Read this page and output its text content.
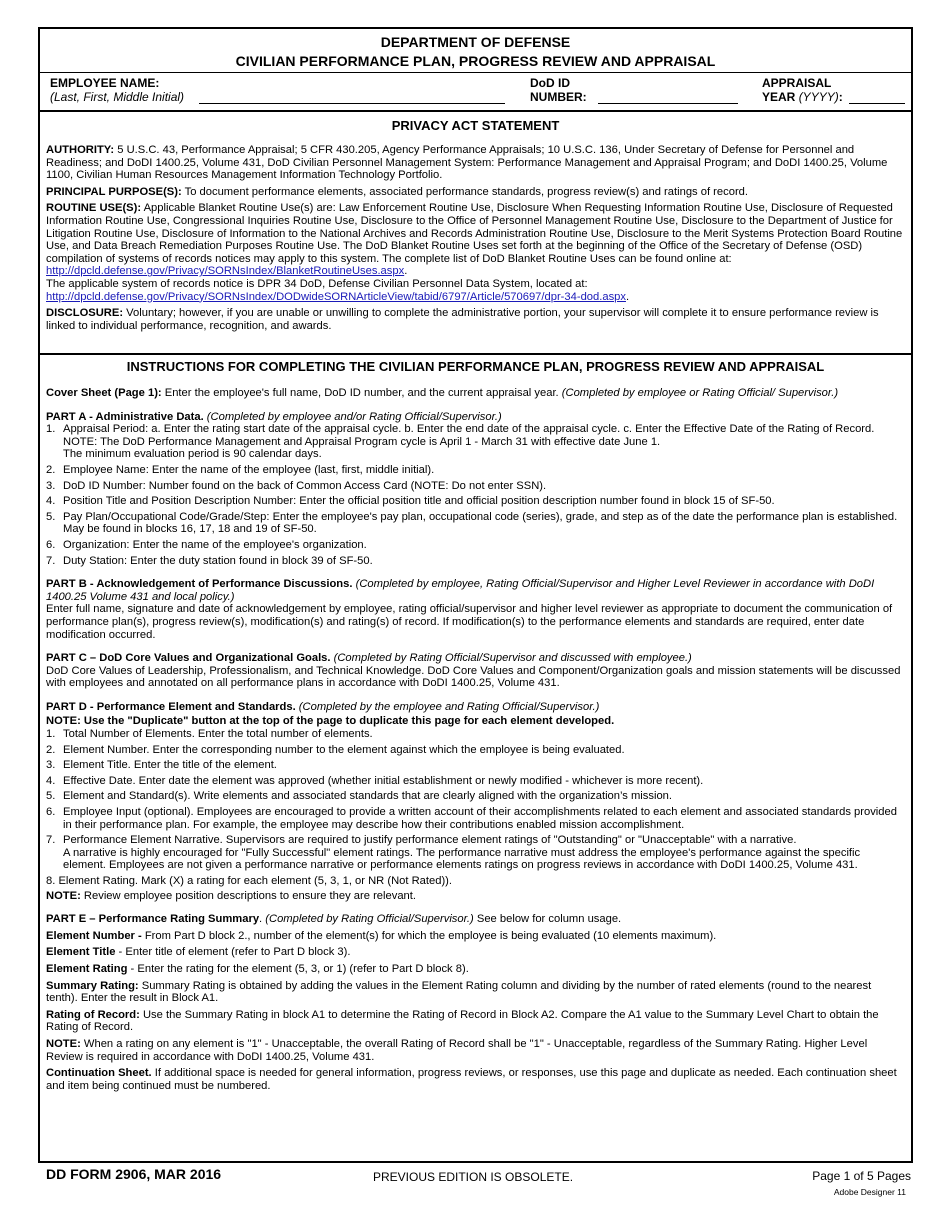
DEPARTMENT OF DEFENSE
CIVILIAN PERFORMANCE PLAN, PROGRESS REVIEW AND APPRAISAL
EMPLOYEE NAME:
(Last, First, Middle Initial)
DoD ID
NUMBER:
APPRAISAL
YEAR (YYYY):
PRIVACY ACT STATEMENT

AUTHORITY: 5 U.S.C. 43, Performance Appraisal; 5 CFR 430.205, Agency Performance Appraisals; 10 U.S.C. 136, Under Secretary of Defense for Personnel and Readiness; and DoDI 1400.25, Volume 431, DoD Civilian Personnel Management System: Performance Management and Appraisal Program; and DoDI 1400.25, Volume 1100, Civilian Human Resources Management Information Technology Portfolio.

PRINCIPAL PURPOSE(S): To document performance elements, associated performance standards, progress review(s) and ratings of record.

ROUTINE USE(S): Applicable Blanket Routine Use(s) are: Law Enforcement Routine Use, Disclosure When Requesting Information Routine Use, Disclosure of Requested Information Routine Use, Congressional Inquiries Routine Use, Disclosure to the Office of Personnel Management Routine Use, Disclosure to the Department of Justice for Litigation Routine Use, Disclosure of Information to the National Archives and Records Administration Routine Use, Disclosure to the Merit Systems Protection Board Routine Use, and Data Breach Remediation Purposes Routine Use. The DoD Blanket Routine Uses set forth at the beginning of the Office of the Secretary of Defense (OSD) compilation of systems of records notices may apply to this system. The complete list of DoD Blanket Routine Uses can be found online at:
http://dpcld.defense.gov/Privacy/SORNsIndex/BlanketRoutineUses.aspx.

The applicable system of records notice is DPR 34 DoD, Defense Civilian Personnel Data System, located at:
http://dpcld.defense.gov/Privacy/SORNsIndex/DODwideSORNArticleView/tabid/6797/Article/570697/dpr-34-dod.aspx.

DISCLOSURE: Voluntary; however, if you are unable or unwilling to complete the administrative portion, your supervisor will complete it to ensure performance review is linked to individual performance, recognition, and awards.

INSTRUCTIONS FOR COMPLETING THE CIVILIAN PERFORMANCE PLAN, PROGRESS REVIEW AND APPRAISAL

Cover Sheet (Page 1): Enter the employee's full name, DoD ID number, and the current appraisal year. (Completed by employee or Rating Official/ Supervisor.)

PART A - Administrative Data. (Completed by employee and/or Rating Official/Supervisor.)

1. Appraisal Period: a. Enter the rating start date of the appraisal cycle. b. Enter the end date of the appraisal cycle. c. Enter the Effective Date of the Rating of Record. NOTE: The DoD Performance Management and Appraisal Program cycle is April 1 - March 31 with effective date June 1.
The minimum evaluation period is 90 calendar days.
2. Employee Name: Enter the name of the employee (last, first, middle initial).
3. DoD ID Number: Number found on the back of Common Access Card (NOTE: Do not enter SSN).
4. Position Title and Position Description Number: Enter the official position title and official position description number found in block 15 of SF-50.
5. Pay Plan/Occupational Code/Grade/Step: Enter the employee's pay plan, occupational code (series), grade, and step as of the date the performance plan is established. May be found in blocks 16, 17, 18 and 19 of SF-50.
6. Organization: Enter the name of the employee's organization.
7. Duty Station: Enter the duty station found in block 39 of SF-50.

PART B - Acknowledgement of Performance Discussions. (Completed by employee, Rating Official/Supervisor and Higher Level Reviewer in accordance with DoDI 1400.25 Volume 431 and local policy.)

Enter full name, signature and date of acknowledgement by employee, rating official/supervisor and higher level reviewer as appropriate to document the communication of performance plan(s), progress review(s), modification(s) and rating(s) of record. If modification(s) to the performance elements and standards are required, enter date modification occurred.

PART C – DoD Core Values and Organizational Goals. (Completed by Rating Official/Supervisor and discussed with employee.)

DoD Core Values of Leadership, Professionalism, and Technical Knowledge. DoD Core Values and Component/Organization goals and mission statements will be discussed with employees and annotated on all performance plans in accordance with DoDI 1400.25, Volume 431.

PART D - Performance Element and Standards. (Completed by the employee and Rating Official/Supervisor.)

NOTE: Use the "Duplicate" button at the top of the page to duplicate this page for each element developed.

1. Total Number of Elements. Enter the total number of elements.
2. Element Number. Enter the corresponding number to the element against which the employee is being evaluated.
3. Element Title. Enter the title of the element.
4. Effective Date. Enter date the element was approved (whether initial establishment or newly modified - whichever is more recent).
5. Element and Standard(s). Write elements and associated standards that are clearly aligned with the organization’s mission.
6. Employee Input (optional). Employees are encouraged to provide a written account of their accomplishments related to each element and associated standards provided in their performance plan. For example, the employee may describe how their contributions enabled mission accomplishment.
7. Performance Element Narrative. Supervisors are required to justify performance element ratings of "Outstanding" or "Unacceptable" with a narrative.
A narrative is highly encouraged for "Fully Successful" element ratings. The performance narrative must address the employee's performance against the specific element. Employees are not given a performance narrative or performance elements ratings on progress reviews in accordance with DoDI 1400.25, Volume 431.

8. Element Rating. Mark (X) a rating for each element (5, 3, 1, or NR (Not Rated)).

NOTE: Review employee position descriptions to ensure they are relevant.

PART E – Performance Rating Summary. (Completed by Rating Official/Supervisor.) See below for column usage.

Element Number - From Part D block 2., number of the element(s) for which the employee is being evaluated (10 elements maximum).

Element Title - Enter title of element (refer to Part D block 3).

Element Rating - Enter the rating for the element (5, 3, or 1) (refer to Part D block 8).

Summary Rating: Summary Rating is obtained by adding the values in the Element Rating column and dividing by the number of rated elements (round to the nearest tenth). Enter the result in Block A1.

Rating of Record: Use the Summary Rating in block A1 to determine the Rating of Record in Block A2. Compare the A1 value to the Summary Level Chart to obtain the Rating of Record.

NOTE: When a rating on any element is "1" - Unacceptable, the overall Rating of Record shall be "1" - Unacceptable, regardless of the Summary Rating. Higher Level Review is required in accordance with DoDI 1400.25, Volume 431.

Continuation Sheet. If additional space is needed for general information, progress reviews, or responses, use this page and duplicate as needed. Each continuation sheet and item being continued must be numbered.

DD FORM 2906, MAR 2016	PREVIOUS EDITION IS OBSOLETE.	Page 1 of 5 Pages
Adobe Designer 11
